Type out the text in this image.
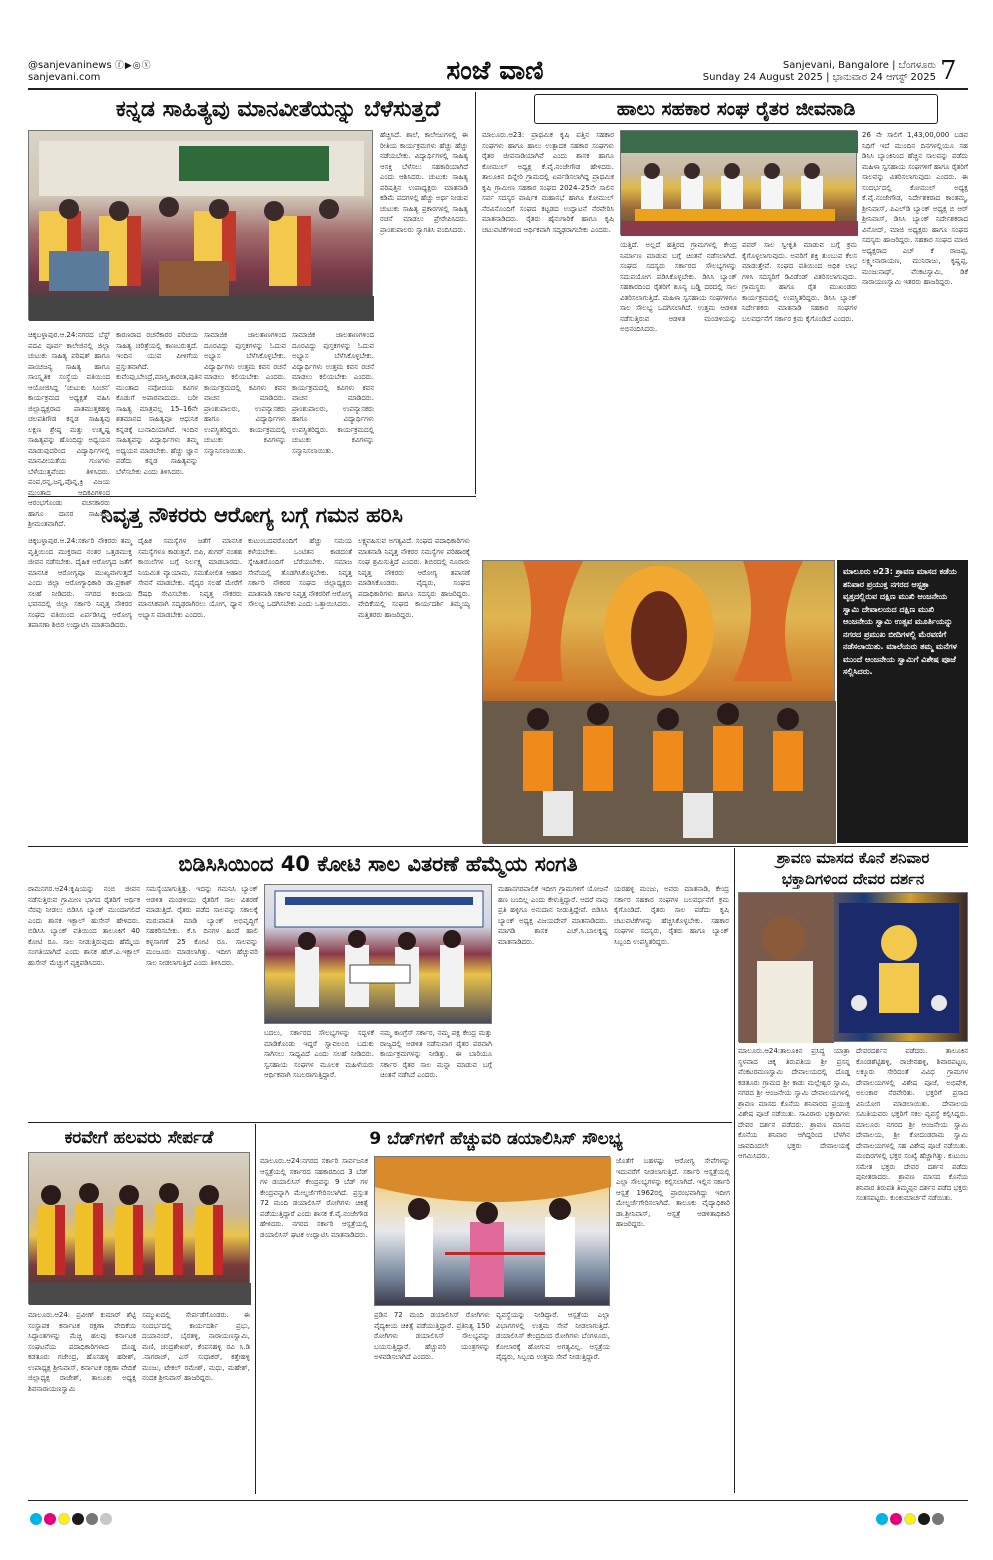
@sanjevaninews ⓕ▶◎ⓧ
sanjevani.com	ಸಂಜೆ ವಾಣಿ	Sanjevani, Bangalore | ಬೆಂಗಳೂರು
Sunday 24 August 2025 | ಭಾನುವಾರ 24 ಆಗಸ್ಟ್ 2025 7
ಕನ್ನಡ ಸಾಹಿತ್ಯವು ಮಾನವೀತೆಯನ್ನು ಬೆಳೆಸುತ್ತದೆ
ಚಿಕ್ಕಬಳ್ಳಾಪುರ.ಆ.24:ನಗರದ ಬೆಸ್ಟ್ ಪದವಿ ಪೂರ್ವ ಕಾಲೇಜಿನಲ್ಲಿ ಜಿಲ್ಲಾ ಚುಟುಕು ಸಾಹಿತ್ಯ ಪರಿಷತ್ ಹಾಗೂ ಪಾಂಚಜನ್ಯ ಸಾಹಿತ್ಯ ಹಾಗೂ ಸಾಂಸ್ಕೃತಿಕ ಸಂಸ್ಥೆಯ ವತಿಯಿಂದ ಆಯೋಜಿಸಿದ್ದ ‘ಚುಟುಕು ಸಿಂಚನ’ ಕಾರ್ಯಕ್ರಮದ ಅಧ್ಯಕ್ಷತೆ ವಹಿಸಿ ಜಿಲ್ಲಾಧ್ಯಕ್ಷರಾದ ಪಾತಮುತ್ತಕಹಳ್ಳಿ ಚಲಪತಿಗೌಡ ಕನ್ನಡ ಸಾಹಿತ್ಯವು ಲಕ್ಷಣ ಶ್ರೇಷ್ಠ ಮತ್ತು ಉತ್ಕೃಷ್ಟ ಸಾಹಿತ್ಯವನ್ನು ಹೊಂದಿದ್ದು ಅಧ್ಯಯನ ಮಾಡುವುದರಿಂದ ವಿದ್ಯಾರ್ಥಿಗಳಲ್ಲಿ ಮಾನವೀಯತೆಯ ಗುಣಗಳು ಬೆಳೆಯುತ್ತವೆಂದು ತಿಳಿಸಿದರು. ಪಂಪ,ರನ್ನ,ಜನ್ನ,ಪೊನ್ನ,ಕ್ರಿ ವಿಜಯ ಮುಂತಾದ ಆದಿಕವಿಗಳಿಂದ ಆರಂಭಗೊಂಡು ವಚನಕಾರರು ಹಾಗೂ ದಾಸರ ಸಾಹಿತ್ಯವು ಶ್ರೀಮಂತವಾಗಿದೆ.
ಕಾರಣರಾದ ರಚನೆಕಾರರ ಪರಿಚಯ ಸಾಹಿತ್ಯ ಚರಿತ್ರೆಯಲ್ಲಿ ಕಾಣಬರುತ್ತದೆ. ಇಂದಿನ ಯುವ ಪೀಳಿಗೆಯ ಪ್ರಸ್ತುತವಾಗಿದೆ. ಕುವೆಂಪು,ಬೇಂದ್ರೆ,ಮಾಸ್ತಿ,ಕಾರಂತ,ಪುತಿನ ಮುಂತಾದ ನವೋದಯ ಕವಿಗಳ ಕೊಡುಗೆ ಅಪಾರವಾದುದು. ಬರೀ ಸಾಹಿತ್ಯ ಮಾತ್ರವಲ್ಲ 15–16ನೇ ಶತಮಾನದ ಸಾಹಿತ್ಯವೂ ಆಧುನಿಕ ಕನ್ನಡಕ್ಕೆ ಬುನಾದಿಯಾಗಿದೆ. ಇಂದಿನ ಸಾಹಿತ್ಯವನ್ನು ವಿದ್ಯಾರ್ಥಿಗಳು ತಮ್ಮ ಅಧ್ಯಯನ ಮಾಡಬೇಕು. ಹೆಚ್ಚು ಜ್ಞಾನ ಪಡೆದು ಕನ್ನಡ ಸಾಹಿತ್ಯವನ್ನು ಬೆಳೆಸಬೇಕು ಎಂದು ತಿಳಿಸಿದರು.
ಸಾಮಾಜಿಕ ಜಾಲತಾಣಗಳಿಂದ ದೂರವಿದ್ದು ಪುಸ್ತಕಗಳನ್ನು ಓದುವ ಅಭ್ಯಾಸ ಬೆಳೆಸಿಕೊಳ್ಳಬೇಕು. ವಿದ್ಯಾರ್ಥಿಗಳು ಉತ್ತಮ ಕವನ ರಚನೆ ಮಾಡಲು ಕಲಿಯಬೇಕು ಎಂದರು. ಕಾರ್ಯಕ್ರಮದಲ್ಲಿ ಕವಿಗಳು ಕವನ ವಾಚನ ಮಾಡಿದರು. ಪ್ರಾಂಶುಪಾಲರು, ಉಪನ್ಯಾಸಕರು ಹಾಗೂ ವಿದ್ಯಾರ್ಥಿಗಳು ಉಪಸ್ಥಿತರಿದ್ದರು. ಕಾರ್ಯಕ್ರಮದಲ್ಲಿ ಚುಟುಕು ಕವಿಗಳನ್ನು ಸನ್ಮಾನಿಸಲಾಯಿತು.
ಹೆಚ್ಚಿಸಿದೆ. ಶಾಲೆ, ಕಾಲೇಜುಗಳಲ್ಲಿ ಈ ರೀತಿಯ ಕಾರ್ಯಕ್ರಮಗಳು ಹೆಚ್ಚು ಹೆಚ್ಚು ನಡೆಯಬೇಕು. ವಿದ್ಯಾರ್ಥಿಗಳಲ್ಲಿ ಸಾಹಿತ್ಯ ಆಸಕ್ತಿ ಬೆಳೆಸಲು ಸಹಕಾರಿಯಾಗಿದೆ ಎಂದು ಆಶಿಸಿದರು. ಚುಟುಕು ಸಾಹಿತ್ಯ ಪರಿಷತ್ತಿನ ಉಪಾಧ್ಯಕ್ಷರು ಮಾತನಾಡಿ ಕಡಿಮೆ ಪದಗಳಲ್ಲಿ ಹೆಚ್ಚು ಅರ್ಥ ನೀಡುವ ಚುಟುಕು ಸಾಹಿತ್ಯ ಪ್ರಕಾರಗಳಲ್ಲಿ ಸಾಹಿತ್ಯ ರಚನೆ ಮಾಡಲು ಪ್ರೇರೇಪಿಸಿದರು. ಪ್ರಾಂಶುಪಾಲರು ಸ್ವಾಗತಿಸಿ ವಂದಿಸಿದರು.
ಸಾಮಾಜಿಕ ಜಾಲತಾಣಗಳಿಂದ ದೂರವಿದ್ದು ಪುಸ್ತಕಗಳನ್ನು ಓದುವ ಅಭ್ಯಾಸ ಬೆಳೆಸಿಕೊಳ್ಳಬೇಕು. ವಿದ್ಯಾರ್ಥಿಗಳು ಉತ್ತಮ ಕವನ ರಚನೆ ಮಾಡಲು ಕಲಿಯಬೇಕು ಎಂದರು. ಕಾರ್ಯಕ್ರಮದಲ್ಲಿ ಕವಿಗಳು ಕವನ ವಾಚನ ಮಾಡಿದರು. ಪ್ರಾಂಶುಪಾಲರು, ಉಪನ್ಯಾಸಕರು ಹಾಗೂ ವಿದ್ಯಾರ್ಥಿಗಳು ಉಪಸ್ಥಿತರಿದ್ದರು. ಕಾರ್ಯಕ್ರಮದಲ್ಲಿ ಚುಟುಕು ಕವಿಗಳನ್ನು ಸನ್ಮಾನಿಸಲಾಯಿತು.
ಹಾಲು ಸಹಕಾರ ಸಂಘ ರೈತರ ಜೀವನಾಡಿ
ಮಾಲೂರು.ಆ23: ಪ್ರಾಥಮಿಕ ಕೃಷಿ ಪತ್ತಿನ ಸಹಕಾರ ಸಂಘಗಳು ಹಾಗೂ ಹಾಲು ಉತ್ಪಾದಕ ಸಹಕಾರ ಸಂಘಗಳು ರೈತರ ಜೀವನಾಡಿಯಾಗಿವೆ ಎಂದು ಶಾಸಕ ಹಾಗೂ ಕೋಮುಲ್ ಅಧ್ಯಕ್ಷ ಕೆ.ವೈ.ನಂಜೇಗೌಡ ಹೇಳಿದರು. ತಾಲೂಕಿನ ದಿನ್ನೇರಿ ಗ್ರಾಮದಲ್ಲಿ ಏರ್ಪಡಿಸಲಾಗಿದ್ದ ಪ್ರಾಥಮಿಕ ಕೃಷಿ ಗ್ರಾಮೀಣ ಸಹಕಾರ ಸಂಘದ 2024–25ನೇ ಸಾಲಿನ ಸರ್ವ ಸದಸ್ಯರ ವಾರ್ಷಿಕ ಮಹಾಸಭೆ ಹಾಗೂ ಕೋಮುಲ್ ನೆರವಿನೊಂದಿಗೆ ಸಂಘದ ಕಟ್ಟಡದ ಉದ್ಘಾಟನೆ ನೆರವೇರಿಸಿ ಮಾತನಾಡಿದರು. ರೈತರು ಹೈನುಗಾರಿಕೆ ಹಾಗೂ ಕೃಷಿ ಚಟುವಟಿಕೆಗಳಿಂದ ಆರ್ಥಿಕವಾಗಿ ಸದೃಢರಾಗಬೇಕು ಎಂದರು.
ಯತ್ತಿದೆ. ಅಲ್ಲದೆ ಹತ್ತಿರದ ಗ್ರಾಮಗಳಲ್ಲಿ ಕೇಂದ್ರ ನಿರ್ಮಾಣ ಮಾಡುವ ಬಗ್ಗೆ ಚಿಂತನೆ ನಡೆಸಲಾಗಿದೆ. ಸಂಘದ ಸದಸ್ಯರು ಸರ್ಕಾರದ ಸೌಲಭ್ಯಗಳನ್ನು ಸದುಪಯೋಗ ಪಡಿಸಿಕೊಳ್ಳಬೇಕು. ಡಿಸಿಸಿ ಬ್ಯಾಂಕ್ ಸಹಕಾರದಿಂದ ರೈತರಿಗೆ ಶೂನ್ಯ ಬಡ್ಡಿ ದರದಲ್ಲಿ ಸಾಲ ವಿತರಿಸಲಾಗುತ್ತಿದೆ. ಮಹಿಳಾ ಸ್ವಸಹಾಯ ಸಂಘಗಳಿಗೂ ಸಾಲ ಸೌಲಭ್ಯ ಒದಗಿಸಲಾಗಿದೆ. ಉತ್ತಮ ಆಡಳಿತ ನಡೆಸುತ್ತಿರುವ ಆಡಳಿತ ಮಂಡಳಿಯನ್ನು ಅಭಿನಂದಿಸಿದರು.
ಪವರ್ ಸಾಲ ಸ್ವೀಕೃತಿ ಮಾಡುವ ಬಗ್ಗೆ ಕ್ರಮ ಕೈಗೊಳ್ಳಲಾಗುವುದು. ಅವರಿಗೆ ಶಕ್ತಿ ತುಂಬುವ ಕೆಲಸ ಮಾಡುತ್ತೇವೆ. ಸಂಘದ ವತಿಯಿಂದ ಅಧಿಕ ಲಾಭ ಗಳಿಸಿ ಸದಸ್ಯರಿಗೆ ಡಿವಿಡೆಂಡ್ ವಿತರಿಸಲಾಗುವುದು. ಗ್ರಾಮಸ್ಥರು ಹಾಗೂ ರೈತ ಮುಖಂಡರು ಕಾರ್ಯಕ್ರಮದಲ್ಲಿ ಉಪಸ್ಥಿತರಿದ್ದರು. ಡಿಸಿಸಿ ಬ್ಯಾಂಕ್ ನಿರ್ದೇಶಕರು ಮಾತನಾಡಿ ಸಹಕಾರ ಸಂಘಗಳ ಬಲವರ್ಧನೆಗೆ ಸರ್ಕಾರ ಕ್ರಮ ಕೈಗೊಂಡಿದೆ ಎಂದರು.
26 ನೇ ಸಾಲಿಗೆ 1,43,00,000 ಬಡವ ನಿಧಿಗೆ ಇದೆ ಮುಂದಿನ ದಿನಗಳಲ್ಲಿಯೂ ಸಹ ಡಿಸಿಸಿ ಬ್ಯಾಂಕಿನಿಂದ ಹೆಚ್ಚಿನ ಸಾಲವನ್ನು ಪಡೆದು ಮಹಿಳಾ ಸ್ವಸಹಾಯ ಸಂಘಗಳಿಗೆ ಹಾಗೂ ರೈತರಿಗೆ ಸಾಲವನ್ನು ವಿತರಿಸಲಾಗುವುದು ಎಂದರು. ಈ ಸಂದರ್ಭದಲ್ಲಿ ಕೋಮುಲ್ ಅಧ್ಯಕ್ಷ ಕೆ.ವೈ.ನಂಜೇಗೌಡ, ನಿರ್ದೇಶಕರಾದ ಕಾಂತಮ್ಮ, ಶ್ರೀನಿವಾಸ್, ಪಿಎಲ್‌ಡಿ ಬ್ಯಾಂಕ್ ಅಧ್ಯಕ್ಷ ಬಿ ಆರ್ ಶ್ರೀನಿವಾಸ್, ಡಿಸಿಸಿ ಬ್ಯಾಂಕ್ ನಿರ್ದೇಶಕರಾದ ವಿನೋದ್, ಮಾಜಿ ಅಧ್ಯಕ್ಷರು ಹಾಗೂ ಸಂಘದ ಸದಸ್ಯರು ಹಾಜರಿದ್ದರು. ಸಹಕಾರ ಸಂಘದ ಮಾಜಿ ಅಧ್ಯಕ್ಷರಾದ ಎಚ್ ಕೆ ರಾಜಪ್ಪ, ಲಕ್ಷ್ಮೀನಾರಾಯಣ, ಮುನಿರಾಜು, ಕೃಷ್ಣಪ್ಪ, ಮಂಜುನಾಥ್, ವೆಂಕಟಸ್ವಾಮಿ, ಡಿಕೆ ನಾರಾಯಣಸ್ವಾಮಿ ಇತರರು ಹಾಜರಿದ್ದರು.
ನಿವೃತ್ತ ನೌಕರರು ಆರೋಗ್ಯ ಬಗ್ಗೆ ಗಮನ ಹರಿಸಿ
ಚಿಕ್ಕಬಳ್ಳಾಪುರ.ಆ.24:ಸರ್ಕಾರಿ ನೌಕರರು ತಮ್ಮ ವೃತ್ತಿಯಿಂದ ಮುಕ್ತರಾದ ನಂತರ ಒತ್ತಡಮುಕ್ತ ಜೀವನ ನಡೆಸಬೇಕು. ದೈಹಿಕ ಆರೋಗ್ಯದ ಜತೆಗೆ ಮಾನಸಿಕ ಆರೋಗ್ಯವೂ ಮುಖ್ಯವಾಗುತ್ತದೆ ಎಂದು ಜಿಲ್ಲಾ ಆರೋಗ್ಯಾಧಿಕಾರಿ ಡಾ.ಪ್ರಕಾಶ್ ಸಲಹೆ ನೀಡಿದರು. ನಗರದ ಕಂದಾಯ ಭವನದಲ್ಲಿ ಜಿಲ್ಲಾ ಸರ್ಕಾರಿ ನಿವೃತ್ತ ನೌಕರರ ಸಂಘದ ವತಿಯಿಂದ ಏರ್ಪಡಿಸಿದ್ದ ಆರೋಗ್ಯ ತಪಾಸಣಾ ಶಿಬಿರ ಉದ್ಘಾಟಿಸಿ ಮಾತನಾಡಿದರು.
ದೈಹಿಕ ಸಮಸ್ಯೆಗಳ ಜತೆಗೆ ಮಾನಸಿಕ ಸಮಸ್ಯೆಗಳೂ ಕಾಡುತ್ತವೆ. ಬಿಪಿ, ಶುಗರ್ ನಂತಹ ಕಾಯಿಲೆಗಳ ಬಗ್ಗೆ ನಿರ್ಲಕ್ಷ್ಯ ಮಾಡಬಾರದು. ನಿಯಮಿತ ವ್ಯಾಯಾಮ, ಸಮತೋಲಿತ ಆಹಾರ ಸೇವನೆ ಮಾಡಬೇಕು. ವೈದ್ಯರ ಸಲಹೆ ಮೇರೆಗೆ ಔಷಧಿ ಸೇವಿಸಬೇಕು. ನಿವೃತ್ತ ನೌಕರರು ಮಾನಸಿಕವಾಗಿ ಸದೃಢರಾಗಿರಲು ಯೋಗ, ಧ್ಯಾನ ಅಭ್ಯಾಸ ಮಾಡಬೇಕು ಎಂದರು.
ಕುಟುಂಬದವರೊಂದಿಗೆ ಹೆಚ್ಚು ಸಮಯ ಕಳೆಯಬೇಕು. ಒಂಟಿತನ ಕಾಡದಂತೆ ಸ್ನೇಹಿತರೊಂದಿಗೆ ಬೆರೆಯಬೇಕು. ಸಮಾಜ ಸೇವೆಯಲ್ಲಿ ತೊಡಗಿಸಿಕೊಳ್ಳಬೇಕು. ನಿವೃತ್ತ ಸರ್ಕಾರಿ ನೌಕರರ ಸಂಘದ ಜಿಲ್ಲಾಧ್ಯಕ್ಷರು ಮಾತನಾಡಿ ಸರ್ಕಾರ ನಿವೃತ್ತ ನೌಕರರಿಗೆ ಆರೋಗ್ಯ ಸೌಲಭ್ಯ ಒದಗಿಸಬೇಕು ಎಂದು ಒತ್ತಾಯಿಸಿದರು.
ಲಕ್ಷ್ಯವಹಿಸುವ ಅಗತ್ಯವಿದೆ. ಸಂಘದ ಪದಾಧಿಕಾರಿಗಳು ಮಾತನಾಡಿ ನಿವೃತ್ತ ನೌಕರರ ಸಮಸ್ಯೆಗಳ ಪರಿಹಾರಕ್ಕೆ ಸಂಘ ಶ್ರಮಿಸುತ್ತಿದೆ ಎಂದರು. ಶಿಬಿರದಲ್ಲಿ ನೂರಾರು ನಿವೃತ್ತ ನೌಕರರು ಆರೋಗ್ಯ ತಪಾಸಣೆ ಮಾಡಿಸಿಕೊಂಡರು. ವೈದ್ಯರು, ಸಂಘದ ಪದಾಧಿಕಾರಿಗಳು ಹಾಗೂ ಸದಸ್ಯರು ಹಾಜರಿದ್ದರು. ವೇದಿಕೆಯಲ್ಲಿ ಸಂಘದ ಕಾರ್ಯದರ್ಶಿ ತಿಮ್ಮಯ್ಯ ಮತ್ತಿತರರು ಹಾಜರಿದ್ದರು.
ಮಾಲೂರು ಆ23: ಶ್ರಾವಣ ಮಾಸದ ಕಡೆಯ ಶನಿವಾರ ಪ್ರಯುಕ್ತ ನಗರದ ಆಸ್ಪತ್ರಾ ವೃತ್ತದಲ್ಲಿರುವ ದಕ್ಷಿಣ ಮುಖಿ ಆಂಜನೇಯ ಸ್ವಾಮಿ ದೇವಾಲಯದ ದಕ್ಷಿಣ ಮುಖಿ ಆಂಜನೇಯ ಸ್ವಾಮಿ ಉತ್ಸವ ಮೂರ್ತಿಯನ್ನು ನಗರದ ಪ್ರಮುಖ ಬೀದಿಗಳಲ್ಲಿ ಮೆರವಣಿಗೆ ನಡೆಸಲಾಯಿತು. ಮಾಲೆಯರು ತಮ್ಮ ಮನೆಗಳ ಮುಂದೆ ಆಂಜನೇಯ ಸ್ವಾಮಿಗೆ ವಿಶೇಷ ಪೂಜೆ ಸಲ್ಲಿಸಿದರು.
ಬಿಡಿಸಿಸಿಯಿಂದ 40 ಕೋಟಿ ಸಾಲ ವಿತರಣೆ ಹೆಮ್ಮೆಯ ಸಂಗತಿ
ರಾಮನಗರ.ಆ24:ಕೃಷಿಯನ್ನು ನಂಬಿ ಜೀವನ ನಡೆಸುತ್ತಿರುವ ಗ್ರಾಮೀಣ ಭಾಗದ ರೈತರಿಗೆ ಆರ್ಥಿಕ ನೆರವು ನೀಡಲು ಬಿಡಿಸಿಸಿ ಬ್ಯಾಂಕ್ ಮುಂದಾಗಲಿದೆ ಎಂದು ಶಾಸಕ ಇಕ್ಬಾಲ್ ಹುಸೇನ್ ಹೇಳಿದರು. ಬಿಡಿಸಿಸಿ ಬ್ಯಾಂಕ್ ವತಿಯಿಂದ ತಾಲೂಕಿಗೆ 40 ಕೋಟಿ ರೂ. ಸಾಲ ನೀಡುತ್ತಿರುವುದು ಹೆಮ್ಮೆಯ ಸಂಗತಿಯಾಗಿದೆ ಎಂದು ಶಾಸಕ ಹೆಚ್.ಎ.ಇಕ್ಬಾಲ್ ಹುಸೇನ್ ಮೆಚ್ಚುಗೆ ವ್ಯಕ್ತಪಡಿಸಿದರು.
ಸಮಸ್ಯೆಯಾಗುತ್ತಿತ್ತು. ಇದನ್ನು ಗಮನಿಸಿ ಬ್ಯಾಂಕ್ ಆಡಳಿತ ಮಂಡಳಿಯು ರೈತರಿಗೆ ಸಾಲ ವಿತರಣೆ ಮಾಡುತ್ತಿದೆ. ರೈತರು ಪಡೆದ ಸಾಲವನ್ನು ಸಕಾಲಕ್ಕೆ ಮರುಪಾವತಿ ಮಾಡಿ ಬ್ಯಾಂಕ್ ಅಭಿವೃದ್ಧಿಗೆ ಸಹಕರಿಸಬೇಕು. ಕೆ.ಸಿ ದಿನಗಳ ಹಿಂದೆ ಹಾಲಿ ಕಳ್ಳಸಾಗಣೆ 25 ಕೋಟಿ ರೂ. ಸಾಲವನ್ನು ಮಂಜೂರು ಮಾಡಲಾಗಿತ್ತು. ಇದೀಗ ಹೆಚ್ಚುವರಿ ಸಾಲ ನೀಡಲಾಗುತ್ತಿದೆ ಎಂದು ತಿಳಿಸಿದರು.
ಬದಲು, ಸರ್ಕಾರದ ಸೌಲಭ್ಯಗಳನ್ನು ಸದ್ಬಳಕೆ ಮಾಡಿಕೊಂಡು ಇದ್ದರೆ ಸ್ವಾವಲಂಬಿ ಬದುಕು ಸಾಗಿಸಲು ಸಾಧ್ಯವಿದೆ ಎಂದು ಸಲಹೆ ನೀಡಿದರು. ಸ್ವಸಹಾಯ ಸಂಘಗಳ ಮೂಲಕ ಮಹಿಳೆಯರು ಆರ್ಥಿಕವಾಗಿ ಸಬಲರಾಗುತ್ತಿದ್ದಾರೆ.
ನಮ್ಮ ಕಾಂಗ್ರೆಸ್ ಸರ್ಕಾರ, ನಮ್ಮ ಪಕ್ಷ ಕೇಂದ್ರ ಮತ್ತು ರಾಜ್ಯದಲ್ಲಿ ಆಡಳಿತ ನಡೆಸುವಾಗ ರೈತರ ಪರವಾಗಿ ಕಾರ್ಯಕ್ರಮಗಳನ್ನು ನೀಡಿತ್ತು. ಈ ಬಾರಿಯೂ ಸರ್ಕಾರ ರೈತರ ಸಾಲ ಮನ್ನಾ ಮಾಡುವ ಬಗ್ಗೆ ಚಿಂತನೆ ನಡೆಸಿದೆ ಎಂದರು.
ಮಹಾನಗರಪಾಲಿಕೆ ಇದೀಗ ಗ್ರಾಮಗಳಿಗೆ ಯೋಜನೆ ಹಣ ಬಂದಿಲ್ಲ ಎಂದು ಕೇಳುತ್ತಿದ್ದಾರೆ. ಆದರೆ ನಾವು ಪ್ರತಿ ಹಳ್ಳಿಗೂ ಅನುದಾನ ನೀಡುತ್ತಿದ್ದೇವೆ. ಬಿಡಿಸಿಸಿ ಬ್ಯಾಂಕ್ ಅಧ್ಯಕ್ಷ ವಿಜಯದೇವ್ ಮಾತನಾಡಿದರು. ಮಾಗಡಿ ಶಾಸಕ ಎಚ್.ಸಿ.ಬಾಲಕೃಷ್ಣ ಮಾತನಾಡಿದರು.
ಯರಹಳ್ಳಿ ಮಂಜು, ಅವರು ಮಾತನಾಡಿ, ಕೇಂದ್ರ ಸರ್ಕಾರ ಸಹಕಾರ ಸಂಘಗಳ ಬಲವರ್ಧನೆಗೆ ಕ್ರಮ ಕೈಗೊಂಡಿದೆ. ರೈತರು ಸಾಲ ಪಡೆದು ಕೃಷಿ ಚಟುವಟಿಕೆಗಳನ್ನು ಹೆಚ್ಚಿಸಿಕೊಳ್ಳಬೇಕು. ಸಹಕಾರ ಸಂಘಗಳ ಸದಸ್ಯರು, ರೈತರು ಹಾಗೂ ಬ್ಯಾಂಕ್ ಸಿಬ್ಬಂದಿ ಉಪಸ್ಥಿತರಿದ್ದರು.
ಶ್ರಾವಣ ಮಾಸದ ಕೊನೆ ಶನಿವಾರ
ಭಕ್ತಾದಿಗಳಿಂದ ದೇವರ ದರ್ಶನ
ಮಾಲೂರು.ಆ24:ತಾಲೂಕಿನ ಪ್ರಸಿದ್ಧ ಯಾತ್ರಾ ಸ್ಥಳವಾದ ಚಿಕ್ಕ ತಿರುಪತಿಯ ಶ್ರೀ ಪ್ರಸನ್ನ ವೆಂಕಟರಮಣಸ್ವಾಮಿ ದೇವಾಲಯದಲ್ಲಿ ದೊಡ್ಡ ಕಡತೂರು ಗ್ರಾಮದ ಶ್ರೀ ಕಾಡು ಮಲ್ಲೇಶ್ವರ ಸ್ವಾಮಿ, ನಗರದ ಶ್ರೀ ಆಂಜನೇಯ ಸ್ವಾಮಿ ದೇವಾಲಯಗಳಲ್ಲಿ ಶ್ರಾವಣ ಮಾಸದ ಕೊನೆಯ ಶನಿವಾರದ ಪ್ರಯುಕ್ತ ವಿಶೇಷ ಪೂಜೆ ನಡೆಯಿತು. ಸಾವಿರಾರು ಭಕ್ತಾದಿಗಳು ದೇವರ ದರ್ಶನ ಪಡೆದರು. ಶ್ರಾವಣ ಮಾಸದ ಕೊನೆಯ ಶನಿವಾರ ಆಗಿದ್ದರಿಂದ ಬೆಳಗಿನ ಜಾವದಿಂದಲೇ ಭಕ್ತರು ದೇವಾಲಯಕ್ಕೆ ಆಗಮಿಸಿದರು.
ದೇವರದರ್ಶನ ಪಡೆದರು. ತಾಲೂಕಿನ ಕೊಂಡಶೆಟ್ಟಿಹಳ್ಳಿ, ರಾಜೇನಹಳ್ಳಿ, ಶಿವಾರಪಟ್ಟಣ, ಲಕ್ಕೂರು ಸೇರಿದಂತೆ ವಿವಿಧ ಗ್ರಾಮಗಳ ದೇವಾಲಯಗಳಲ್ಲಿ ವಿಶೇಷ ಪೂಜೆ, ಅಭಿಷೇಕ, ಅಲಂಕಾರ ನೆರವೇರಿತು. ಭಕ್ತರಿಗೆ ಪ್ರಸಾದ ವಿನಿಯೋಗ ಮಾಡಲಾಯಿತು. ದೇವಾಲಯ ಸಮಿತಿಯವರು ಭಕ್ತರಿಗೆ ಸಕಲ ವ್ಯವಸ್ಥೆ ಕಲ್ಪಿಸಿದ್ದರು. ಮಾಲೂರು ನಗರದ ಶ್ರೀ ಆಂಜನೇಯ ಸ್ವಾಮಿ ದೇವಾಲಯ, ಶ್ರೀ ಕೋದಂಡರಾಮ ಸ್ವಾಮಿ ದೇವಾಲಯಗಳಲ್ಲಿ ಸಹ ವಿಶೇಷ ಪೂಜೆ ನಡೆಯಿತು. ಮಂದಿರಗಳಲ್ಲಿ ಭಕ್ತರ ಸಂಖ್ಯೆ ಹೆಚ್ಚಾಗಿತ್ತು. ಕುಟುಂಬ ಸಮೇತ ಭಕ್ತರು ದೇವರ ದರ್ಶನ ಪಡೆದು ಪುನೀತರಾದರು. ಶ್ರಾವಣ ಮಾಸದ ಕೊನೆಯ ಶನಿವಾರ ತಿರುಪತಿ ತಿಮ್ಮಪ್ಪನ ದರ್ಶನ ಪಡೆದ ಭಕ್ತರು ಸಂತಸಪಟ್ಟರು. ಕುಂಕುಮಾರ್ಚನೆ ನಡೆಯಿತು.
ಕರವೇಗೆ ಹಲವರು ಸೇರ್ಪಡೆ
ಮಾಲೂರು.ಆ24: ಪ್ರವೀಣ್ ಕುಮಾರ್ ಶೆಟ್ಟಿ ಸಂಸ್ಥಾಪಕ ಕರ್ನಾಟಕ ರಕ್ಷಣಾ ವೇದಿಕೆಯ ಸಿದ್ಧಾಂತಗಳನ್ನು ಮೆಚ್ಚಿ ಹಲವು ಕರ್ನಾಟಕ ಸಂಘಟನೆಯ ಪದಾಧಿಕಾರಿಗಳಾದ ದೊಡ್ಡ ಕಡತೂರು ಗಜೇಂದ್ರ, ಹೊಸಹಳ್ಳಿ ಹರೀಶ್, ಉಪಾಧ್ಯಕ್ಷ ಶ್ರೀನಿವಾಸ್, ಕರ್ನಾಟಕ ರಕ್ಷಣಾ ವೇದಿಕೆ ಜಿಲ್ಲಾಧ್ಯಕ್ಷ ರಾಜೇಶ್, ತಾಲೂಕು ಅಧ್ಯಕ್ಷ ಶಿವನಾರಾಯಣಸ್ವಾಮಿ
ಸಮ್ಮುಖದಲ್ಲಿ ಸೇರ್ಪಡೆಗೊಂಡರು. ಈ ಸಂದರ್ಭದಲ್ಲಿ ಕಾರ್ಯದರ್ಶಿ ಪ್ರಭು, ದಯಾನಂದ್, ಬೈರತಳ್ಳಿ, ನಾರಾಯಣಸ್ವಾಮಿ, ಮಣಿ, ಚಂದ್ರಶೇಖರ್, ಕೆಂಪಸಹಳ್ಳಿ ರವಿ ಸಿ.ಡಿ .ನಾಗರಾಜ್, ಎಸ್ ಸುಧಾಕರ್, ಕತ್ತೇಹಳ್ಳಿ ಮಂಜು, ಟೇಕಲ್ ರಮೇಶ್, ಮಧು, ಮಹೇಶ್, ನಂದಕ ಶ್ರೀನಿವಾಸ್ ಹಾಜರಿದ್ದರು.
9 ಬೆಡ್‌ಗಳಿಗೆ ಹೆಚ್ಚುವರಿ ಡಯಾಲಿಸಿಸ್ ಸೌಲಭ್ಯ
ಮಾಲೂರು.ಆ24:ನಗರದ ಸರ್ಕಾರಿ ಸಾರ್ವಜನಿಕ ಆಸ್ಪತ್ರೆಯಲ್ಲಿ ಸರ್ಕಾರದ ಸಹಕಾರದಿಂದ 3 ಬೆಡ್ ಗಳ ಡಯಾಲಿಸಿಸ್ ಕೇಂದ್ರವನ್ನು 9 ಬೆಡ್ ಗಳ ಕೇಂದ್ರವನ್ನಾಗಿ ಮೇಲ್ದರ್ಜೆಗೇರಿಸಲಾಗಿದೆ. ಪ್ರಸ್ತುತ 72 ಮಂದಿ ಡಯಾಲಿಸಿಸ್ ರೋಗಿಗಳು ಚಿಕಿತ್ಸೆ ಪಡೆಯುತ್ತಿದ್ದಾರೆ ಎಂದು ಶಾಸಕ ಕೆ.ವೈ.ನಂಜೇಗೌಡ ಹೇಳಿದರು. ನಗರದ ಸರ್ಕಾರಿ ಆಸ್ಪತ್ರೆಯಲ್ಲಿ ಡಯಾಲಿಸಿಸ್ ಘಟಕ ಉದ್ಘಾಟಿಸಿ ಮಾತನಾಡಿದರು.
ಪ್ರಡಿನ 72 ಮಂದಿ ಡಯಾಲಿಸಿಸ್ ರೋಗಿಗಳು ವೈದ್ಯಕೀಯ ಚಿಕಿತ್ಸೆ ಪಡೆಯುತ್ತಿದ್ದಾರೆ. ಪ್ರತಿನಿತ್ಯ 150 ರೋಗಿಗಳು ಡಯಾಲಿಸಿಸ್ ಸೌಲಭ್ಯವನ್ನು ಬಯಸುತ್ತಿದ್ದಾರೆ. ಹೆಚ್ಚುವರಿ ಯಂತ್ರಗಳನ್ನು ಅಳವಡಿಸಲಾಗಿದೆ ಎಂದರು.
ವ್ಯವಸ್ಥೆಯನ್ನು ನೀಡಿದ್ದಾರೆ. ಆಸ್ಪತ್ರೆಯ ಎಲ್ಲಾ ವಿಭಾಗಗಳಲ್ಲಿ ಉತ್ತಮ ಸೇವೆ ನೀಡಲಾಗುತ್ತಿದೆ. ಡಯಾಲಿಸಿಸ್ ಕೇಂದ್ರದಿಂದ ರೋಗಿಗಳು ಬೆಂಗಳೂರು, ಕೋಲಾರಕ್ಕೆ ಹೋಗುವ ಅಗತ್ಯವಿಲ್ಲ. ಆಸ್ಪತ್ರೆಯ ವೈದ್ಯರು, ಸಿಬ್ಬಂದಿ ಉತ್ತಮ ಸೇವೆ ನೀಡುತ್ತಿದ್ದಾರೆ.
ಜೊತೆಗೆ ಬಹಳಷ್ಟು ಆರೋಗ್ಯ ಸೇವೆಗಳನ್ನು ಇದುವರೆಗೆ ನೀಡಲಾಗುತ್ತಿದೆ. ಸರ್ಕಾರಿ ಆಸ್ಪತ್ರೆಯಲ್ಲಿ ಎಲ್ಲಾ ಸೌಲಭ್ಯಗಳನ್ನು ಕಲ್ಪಿಸಲಾಗಿದೆ. ಇಲ್ಲಿನ ಸರ್ಕಾರಿ ಆಸ್ಪತ್ರೆ 1962ರಲ್ಲಿ ಪ್ರಾರಂಭವಾಗಿದ್ದು ಇದೀಗ ಮೇಲ್ದರ್ಜೆಗೇರಿಸಲಾಗಿದೆ. ತಾಲೂಕು ವೈದ್ಯಾಧಿಕಾರಿ ಡಾ.ಶ್ರೀನಿವಾಸ್, ಆಸ್ಪತ್ರೆ ಆಡಳಿತಾಧಿಕಾರಿ ಹಾಜರಿದ್ದರು.
